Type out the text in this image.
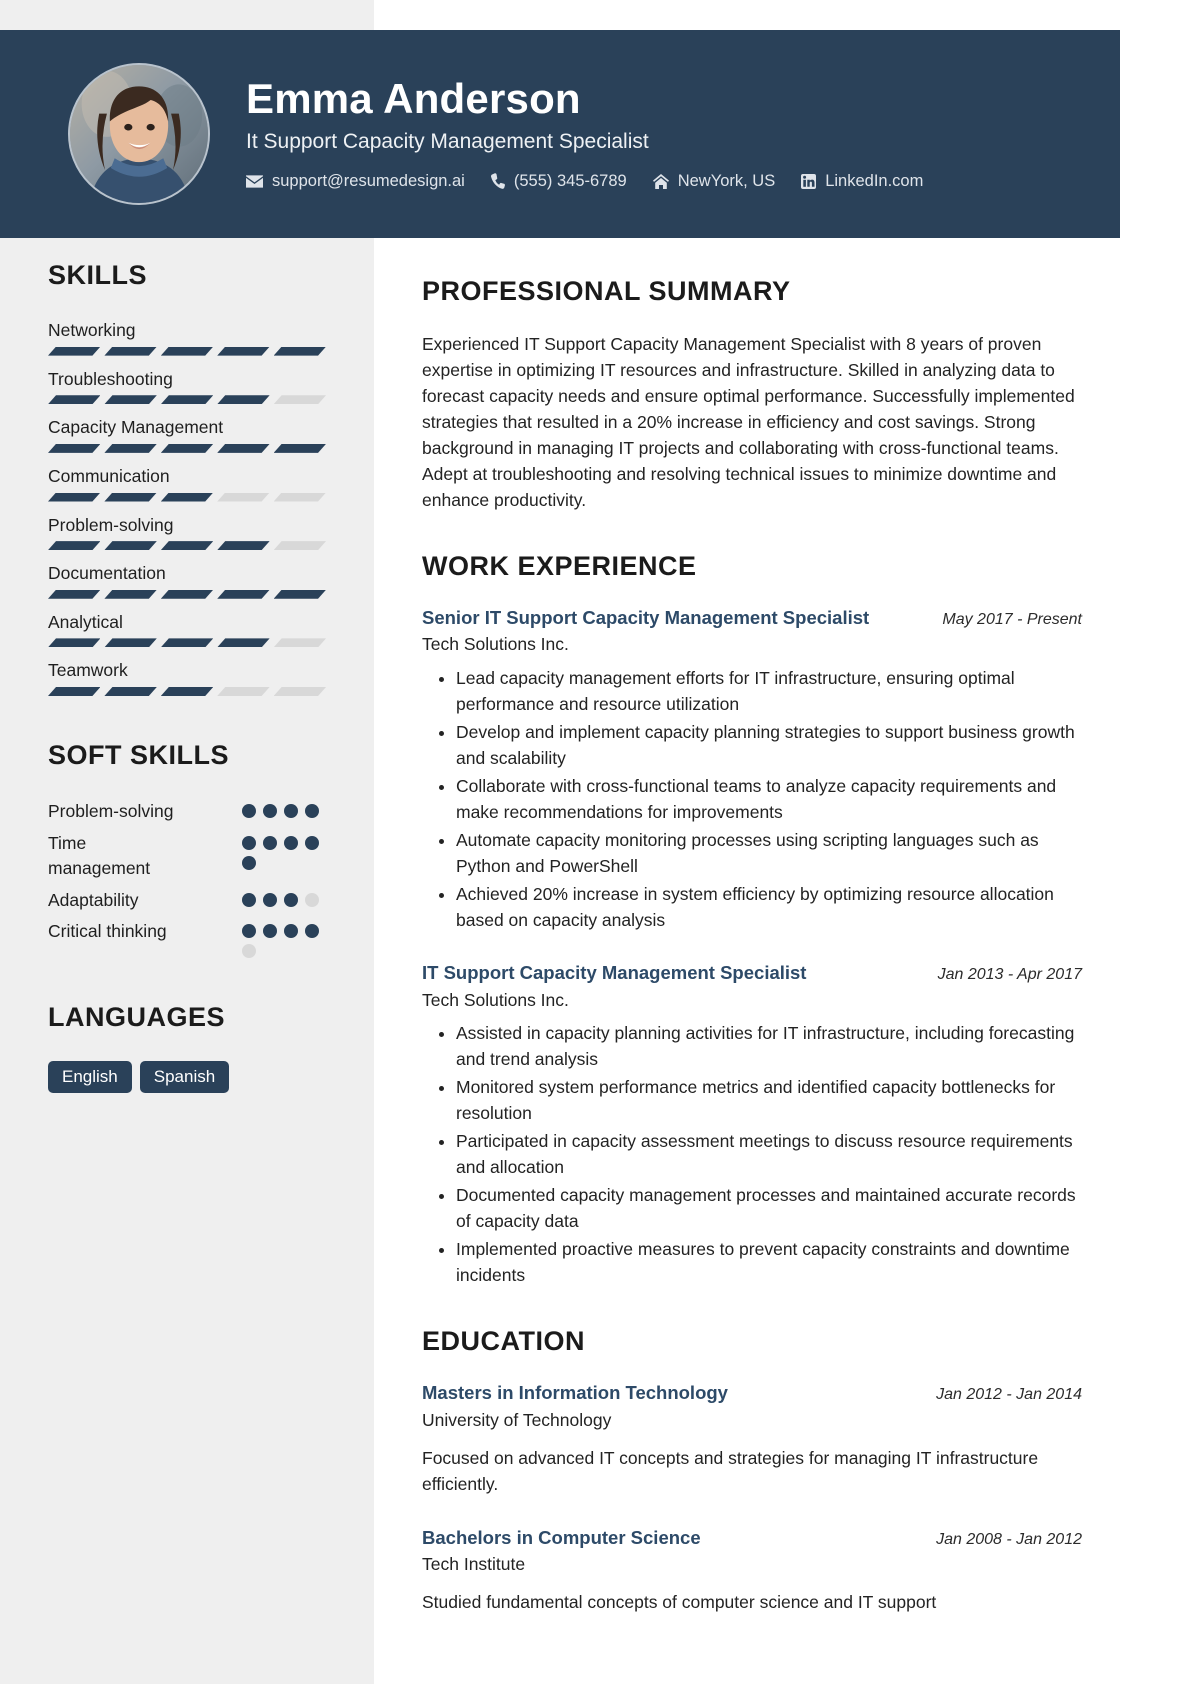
Emma Anderson
It Support Capacity Management Specialist
support@resumedesign.ai	(555) 345-6789	NewYork, US	LinkedIn.com
SKILLS
Networking
Troubleshooting
Capacity Management
Communication
Problem-solving
Documentation
Analytical
Teamwork
SOFT SKILLS
Problem-solving
Time management
Adaptability
Critical thinking
LANGUAGES
English	Spanish
PROFESSIONAL SUMMARY
Experienced IT Support Capacity Management Specialist with 8 years of proven expertise in optimizing IT resources and infrastructure. Skilled in analyzing data to forecast capacity needs and ensure optimal performance. Successfully implemented strategies that resulted in a 20% increase in efficiency and cost savings. Strong background in managing IT projects and collaborating with cross-functional teams. Adept at troubleshooting and resolving technical issues to minimize downtime and enhance productivity.
WORK EXPERIENCE
Senior IT Support Capacity Management Specialist	May 2017 - Present
Tech Solutions Inc.
• Lead capacity management efforts for IT infrastructure, ensuring optimal performance and resource utilization
• Develop and implement capacity planning strategies to support business growth and scalability
• Collaborate with cross-functional teams to analyze capacity requirements and make recommendations for improvements
• Automate capacity monitoring processes using scripting languages such as Python and PowerShell
• Achieved 20% increase in system efficiency by optimizing resource allocation based on capacity analysis
IT Support Capacity Management Specialist	Jan 2013 - Apr 2017
Tech Solutions Inc.
• Assisted in capacity planning activities for IT infrastructure, including forecasting and trend analysis
• Monitored system performance metrics and identified capacity bottlenecks for resolution
• Participated in capacity assessment meetings to discuss resource requirements and allocation
• Documented capacity management processes and maintained accurate records of capacity data
• Implemented proactive measures to prevent capacity constraints and downtime incidents
EDUCATION
Masters in Information Technology	Jan 2012 - Jan 2014
University of Technology
Focused on advanced IT concepts and strategies for managing IT infrastructure efficiently.
Bachelors in Computer Science	Jan 2008 - Jan 2012
Tech Institute
Studied fundamental concepts of computer science and IT support
